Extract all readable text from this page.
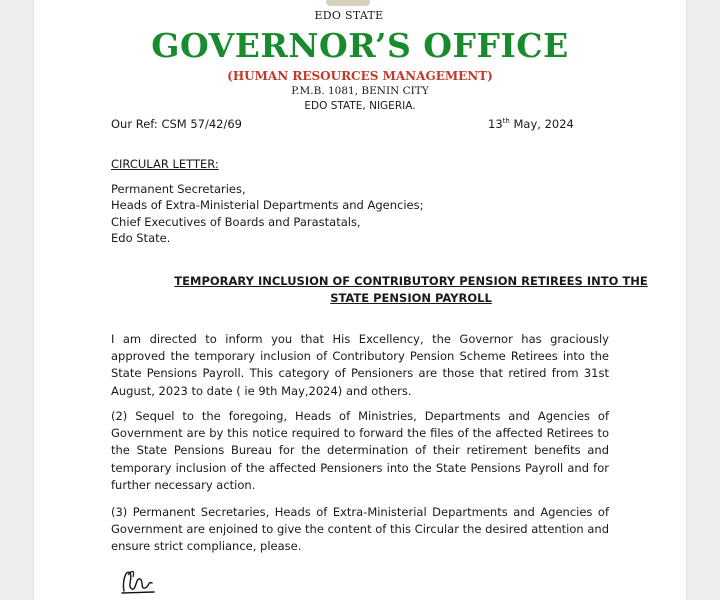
EDO STATE
GOVERNOR’S OFFICE
(HUMAN RESOURCES MANAGEMENT)
P.M.B. 1081, BENIN CITY
EDO STATE, NIGERIA.
Our Ref: CSM 57/42/69	13th May, 2024
CIRCULAR LETTER:
Permanent Secretaries,
Heads of Extra-Ministerial Departments and Agencies;
Chief Executives of Boards and Parastatals,
Edo State.
TEMPORARY INCLUSION OF CONTRIBUTORY PENSION RETIREES INTO THE
STATE PENSION PAYROLL

I am directed to inform you that His Excellency, the Governor has graciously approved the temporary inclusion of Contributory Pension Scheme Retirees into the State Pensions Payroll. This category of Pensioners are those that retired from 31st August, 2023 to date ( ie 9th May,2024) and others.

(2) Sequel to the foregoing, Heads of Ministries, Departments and Agencies of Government are by this notice required to forward the files of the affected Retirees to the State Pensions Bureau for the determination of their retirement benefits and temporary inclusion of the affected Pensioners into the State Pensions Payroll and for further necessary action.

(3) Permanent Secretaries, Heads of Extra-Ministerial Departments and Agencies of Government are enjoined to give the content of this Circular the desired attention and ensure strict compliance, please.
